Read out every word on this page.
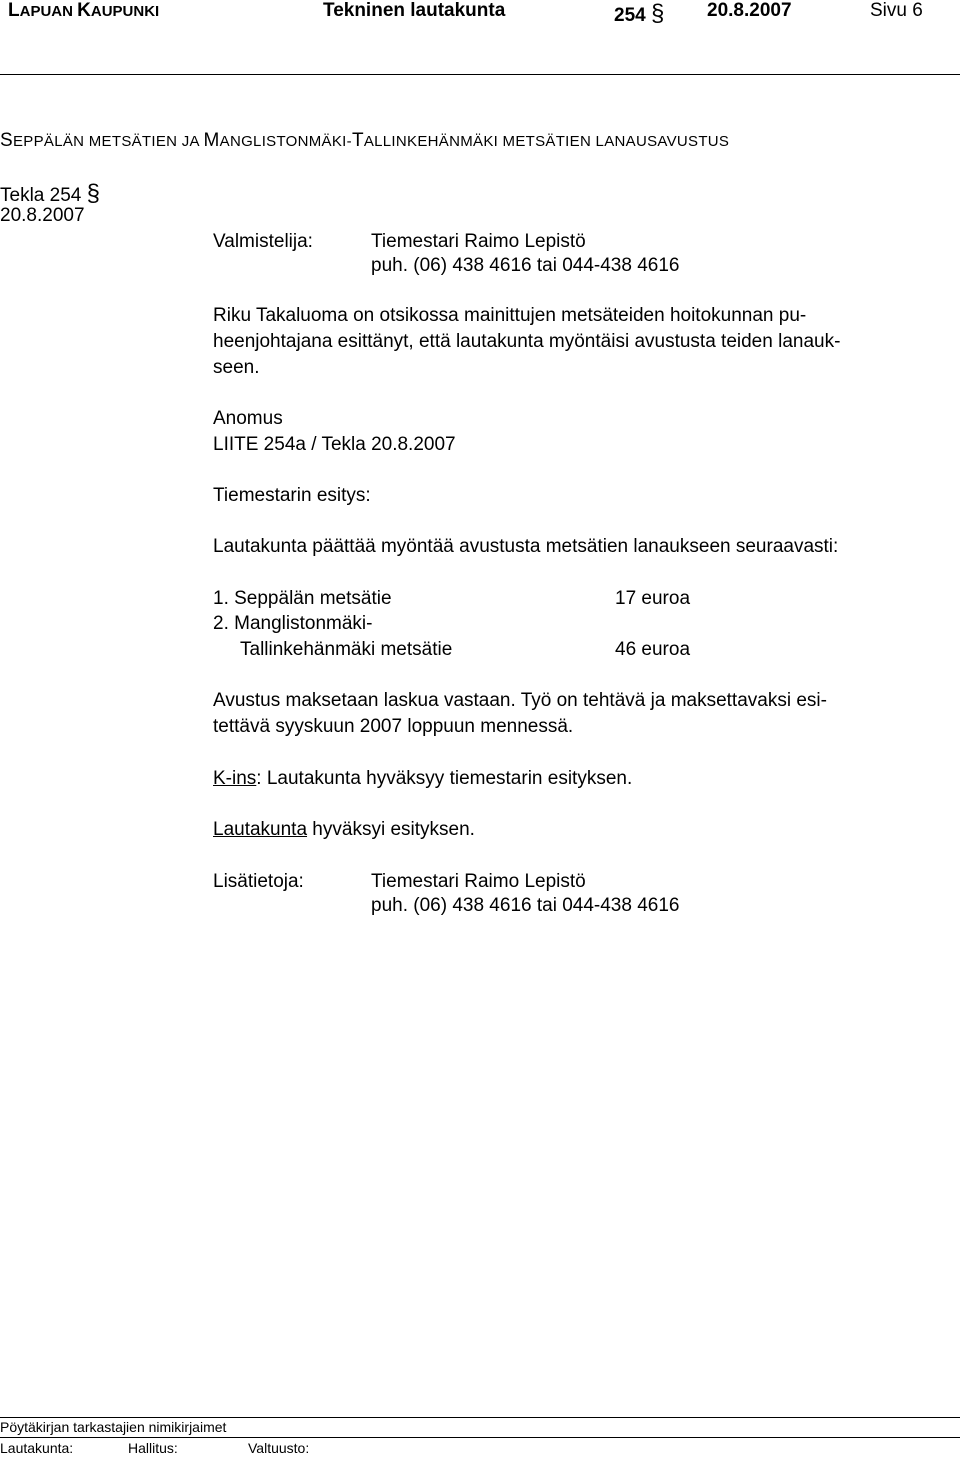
LAPUAN KAUPUNKI	Tekninen lautakunta	254 § 20.8.2007	Sivu 6
SEPPÄLÄN METSÄTIEN JA MANGLISTONMÄKI-TALLINKEHÄNMÄKI METSÄTIEN LANAUSAVUSTUS
Tekla 254 §
20.8.2007
Valmistelija:	Tiemestari Raimo Lepistö
puh. (06) 438 4616 tai 044-438 4616
Riku Takaluoma on otsikossa mainittujen metsäteiden hoitokunnan pu-
heenjohtajana esittänyt, että lautakunta myöntäisi avustusta teiden lanauk-
seen.
Anomus
LIITE 254a / Tekla 20.8.2007
Tiemestarin esitys:
Lautakunta päättää myöntää avustusta metsätien lanaukseen seuraavasti:
1. Seppälän metsätie	17 euroa
2. Manglistonmäki-
Tallinkehänmäki metsätie	46 euroa
Avustus maksetaan laskua vastaan. Työ on tehtävä ja maksettavaksi esi-
tettävä syyskuun 2007 loppuun mennessä.
K-ins: Lautakunta hyväksyy tiemestarin esityksen.
Lautakunta hyväksyi esityksen.
Lisätietoja:	Tiemestari Raimo Lepistö
puh. (06) 438 4616 tai 044-438 4616
Pöytäkirjan tarkastajien nimikirjaimet
Lautakunta:	Hallitus:	Valtuusto:
